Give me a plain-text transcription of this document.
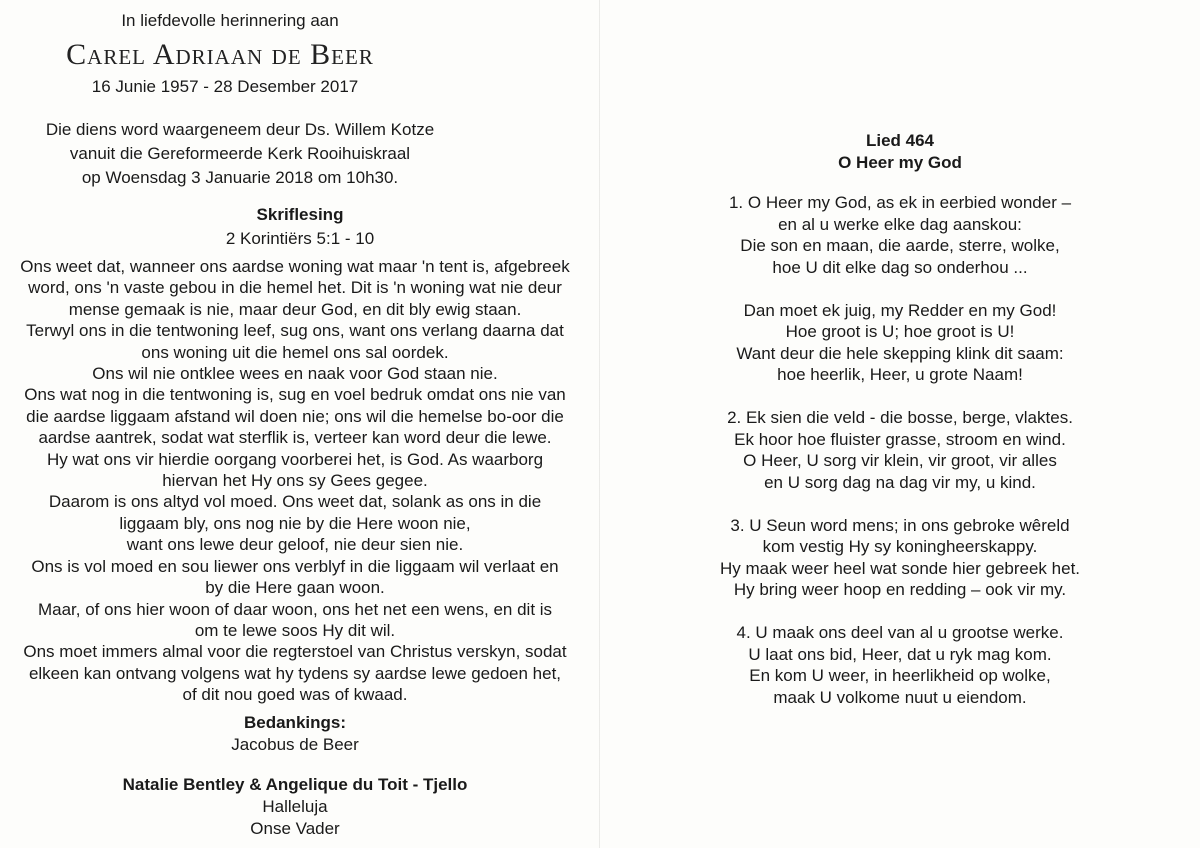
In liefdevolle herinnering aan
Carel Adriaan de Beer
16 Junie 1957 - 28 Desember 2017
Die diens word waargeneem deur Ds. Willem Kotze
vanuit die Gereformeerde Kerk Rooihuiskraal
op Woensdag 3 Januarie 2018 om 10h30.
Skriflesing
2 Korintiërs 5:1 - 10
Ons weet dat, wanneer ons aardse woning wat maar 'n tent is, afgebreek
word, ons 'n vaste gebou in die hemel het. Dit is 'n woning wat nie deur
mense gemaak is nie, maar deur God, en dit bly ewig staan.
Terwyl ons in die tentwoning leef, sug ons, want ons verlang daarna dat
ons woning uit die hemel ons sal oordek.
Ons wil nie ontklee wees en naak voor God staan nie.
Ons wat nog in die tentwoning is, sug en voel bedruk omdat ons nie van
die aardse liggaam afstand wil doen nie; ons wil die hemelse bo-oor die
aardse aantrek, sodat wat sterflik is, verteer kan word deur die lewe.
Hy wat ons vir hierdie oorgang voorberei het, is God. As waarborg
hiervan het Hy ons sy Gees gegee.
Daarom is ons altyd vol moed. Ons weet dat, solank as ons in die
liggaam bly, ons nog nie by die Here woon nie,
want ons lewe deur geloof, nie deur sien nie.
Ons is vol moed en sou liewer ons verblyf in die liggaam wil verlaat en
by die Here gaan woon.
Maar, of ons hier woon of daar woon, ons het net een wens, en dit is
om te lewe soos Hy dit wil.
Ons moet immers almal voor die regterstoel van Christus verskyn, sodat
elkeen kan ontvang volgens wat hy tydens sy aardse lewe gedoen het,
of dit nou goed was of kwaad.
Bedankings:
Jacobus de Beer
Natalie Bentley & Angelique du Toit - Tjello
Halleluja
Onse Vader
Lied 464
O Heer my God
1. O Heer my God, as ek in eerbied wonder –
en al u werke elke dag aanskou:
Die son en maan, die aarde, sterre, wolke,
hoe U dit elke dag so onderhou ...
Dan moet ek juig, my Redder en my God!
Hoe groot is U; hoe groot is U!
Want deur die hele skepping klink dit saam:
hoe heerlik, Heer, u grote Naam!
2. Ek sien die veld - die bosse, berge, vlaktes.
Ek hoor hoe fluister grasse, stroom en wind.
O Heer, U sorg vir klein, vir groot, vir alles
en U sorg dag na dag vir my, u kind.
3. U Seun word mens; in ons gebroke wêreld
kom vestig Hy sy koningheerskappy.
Hy maak weer heel wat sonde hier gebreek het.
Hy bring weer hoop en redding – ook vir my.
4. U maak ons deel van al u grootse werke.
U laat ons bid, Heer, dat u ryk mag kom.
En kom U weer, in heerlikheid op wolke,
maak U volkome nuut u eiendom.
